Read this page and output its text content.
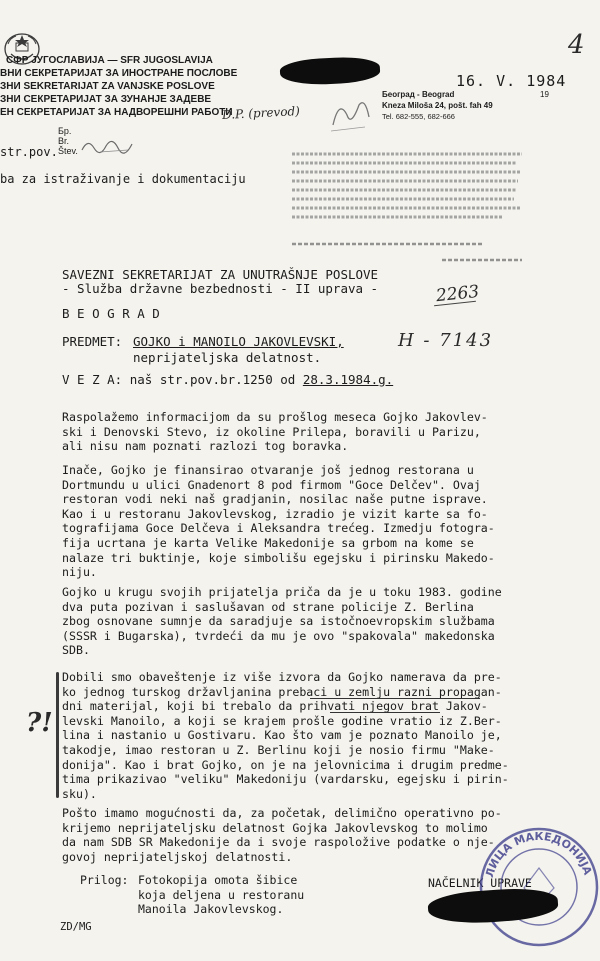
4
СФР ЈУГОСЛАВИЈА — SFR JUGOSLAVIJA
ВНИ СЕКРЕТАРИЈАТ ЗА ИНОСТРАНЕ ПОСЛОВЕ
ЗНИ SEKRETARIJAT ZA VANJSKE POSLOVE
ЗНИ СЕКРЕТАРИЈАТ ЗА ЗУНАНЈЕ ЗАДЕВЕ
ЕН СЕКРЕТАРИЈАТ ЗА НАДВОРЕШНИ РАБОТИ
Бр.
Br.
Štev.
str.pov.
ba za istraživanje i dokumentaciju
16. V. 1984
Београд - Beograd	19
Kneza Miloša 24, pošt. fah 49
Tel. 682-555, 682-666
D.P. (prevod)
SAVEZNI SEKRETARIJAT ZA UNUTRAŠNJE POSLOVE
- Služba državne bezbednosti - II uprava -	2263
B E O G R A D
PREDMET: GOJKO i MANOILO JAKOVLEVSKI,
neprijateljska delatnost.
H - 7143
V E Z A: naš str.pov.br.1250 od 28.3.1984.g.
Raspolažemo informacijom da su prošlog meseca Gojko Jakovlev-
ski i Denovski Stevo, iz okoline Prilepa, boravili u Parizu,
ali nisu nam poznati razlozi tog boravka.
Inače, Gojko je finansirao otvaranje još jednog restorana u
Dortmundu u ulici Gnadenort 8 pod firmom "Goce Delčev". Ovaj
restoran vodi neki naš gradjanin, nosilac naše putne isprave.
Kao i u restoranu Jakovlevskog, izradio je vizit karte sa fo-
tografijama Goce Delčeva i Aleksandra trećeg. Izmedju fotogra-
fija ucrtana je karta Velike Makedonije sa grbom na kome se
nalaze tri buktinje, koje simbolišu egejsku i pirinsku Makedo-
niju.
Gojko u krugu svojih prijatelja priča da je u toku 1983. godine
dva puta pozivan i saslušavan od strane policije Z. Berlina
zbog osnovane sumnje da saradjuje sa istočnoevropskim službama
(SSSR i Bugarska), tvrdeći da mu je ovo "spakovala" makedonska
SDB.
?!
Dobili smo obaveštenje iz više izvora da Gojko namerava da pre-
ko jednog turskog državljanina prebaci u zemlju razni propagan-
dni materijal, koji bi trebalo da prihvati njegov brat Jakov-
levski Manoilo, a koji se krajem prošle godine vratio iz Z.Ber-
lina i nastanio u Gostivaru. Kao što vam je poznato Manoilo je,
takodje, imao restoran u Z. Berlinu koji je nosio firmu "Make-
donija". Kao i brat Gojko, on je na jelovnicima i drugim predme-
tima prikazivao "veliku" Makedoniju (vardarsku, egejsku i pirin-
sku).
Pošto imamo mogućnosti da, za početak, delimično operativno po-
krijemo neprijateljsku delatnost Gojka Jakovlevskog to molimo
da nam SDB SR Makedonije da i svoje raspoložive podatke o nje-
govoj neprijateljskoj delatnosti.
Prilog: Fotokopija omota šibice
koja deljena u restoranu
Manoila Jakovlevskog.
NAČELNIK UPRAVE
ЛИЦА МАКЕДОНИЈА
ZD/MG
